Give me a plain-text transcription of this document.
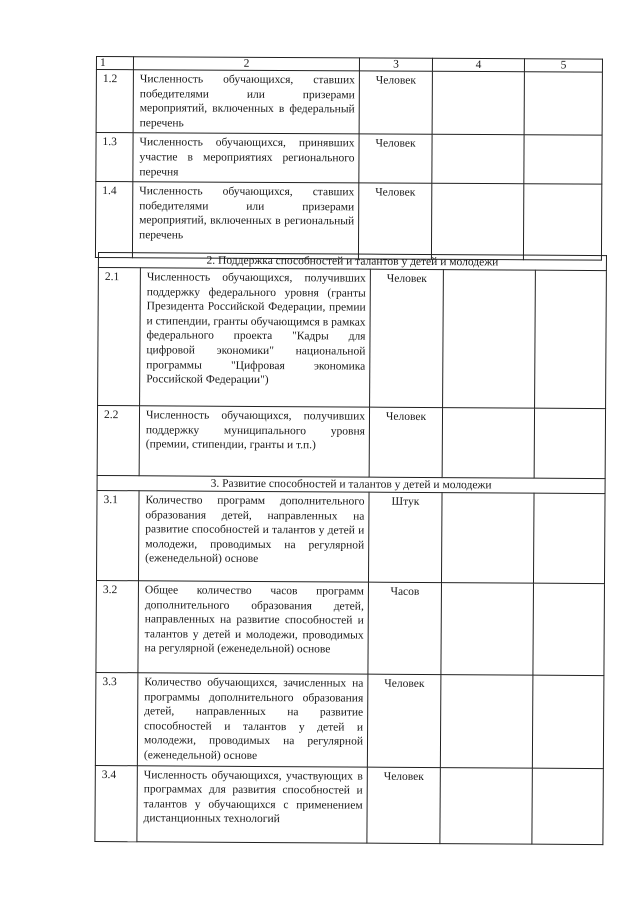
1	2	3	4	5
1.2	Численность обучающихся, ставших победителями или призерами мероприятий, включенных в федеральный перечень	Человек		
1.3	Численность обучающихся, принявших участие в мероприятиях регионального перечня	Человек		
1.4	Численность обучающихся, ставших победителями или призерами мероприятий, включенных в региональный перечень	Человек		
2. Поддержка способностей и талантов у детей и молодежи				
2.1	Численность обучающихся, получивших поддержку федерального уровня (гранты Президента Российской Федерации, премии и стипендии, гранты обучающимся в рамках федерального проекта "Кадры для цифровой экономики" национальной программы "Цифровая экономика Российской Федерации")	Человек		
2.2	Численность обучающихся, получивших поддержку муниципального уровня (премии, стипендии, гранты и т.п.)	Человек		
3. Развитие способностей и талантов у детей и молодежи				
3.1	Количество программ дополнительного образования детей, направленных на развитие способностей и талантов у детей и молодежи, проводимых на регулярной (еженедельной) основе	Штук		
3.2	Общее количество часов программ дополнительного образования детей, направленных на развитие способностей и талантов у детей и молодежи, проводимых на регулярной (еженедельной) основе	Часов		
3.3	Количество обучающихся, зачисленных на программы дополнительного образования детей, направленных на развитие способностей и талантов у детей и молодежи, проводимых на регулярной (еженедельной) основе	Человек		
3.4	Численность обучающихся, участвующих в программах для развития способностей и талантов у обучающихся с применением дистанционных технологий	Человек		
